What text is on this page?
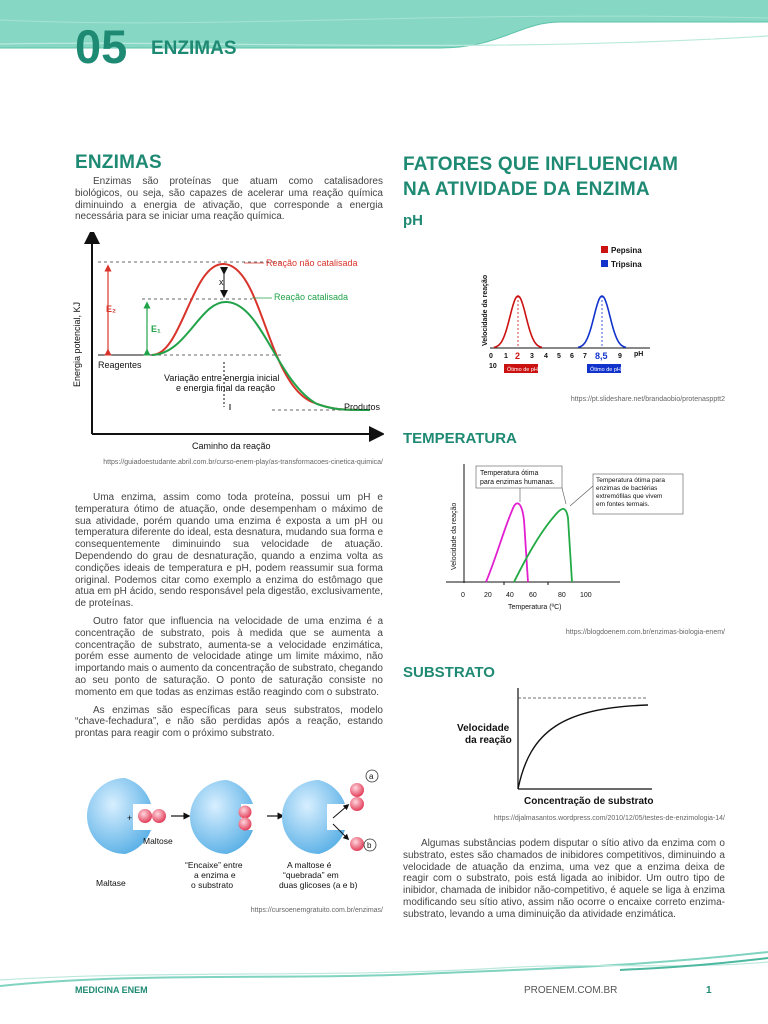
05 ENZIMAS
BIOLOGIA I
ENZIMAS

Enzimas são proteínas que atuam como catalisadores biológicos, ou seja, são capazes de acelerar uma reação química diminuindo a energia de ativação, que corresponde a energia necessária para se iniciar uma reação química.

E₂
E₁
x
Energia potencial, KJ Reagentes
Reação não catalisada
Reação catalisada
Variação entre energia inicial
e energia final da reação
Produtos
Caminho da reação
https://guiadoestudante.abril.com.br/curso-enem-play/as-transformacoes-cinetica-quimica/

Uma enzima, assim como toda proteína, possui um pH e temperatura ótimo de atuação, onde desempenham o máximo de sua atividade, porém quando uma enzima é exposta a um pH ou temperatura diferente do ideal, esta desnatura, mudando sua forma e consequentemente diminuindo sua velocidade de atuação. Dependendo do grau de desnaturação, quando a enzima volta as condições ideais de temperatura e pH, podem reassumir sua forma original. Podemos citar como exemplo a enzima do estômago que atua em pH ácido, sendo responsável pela digestão, exclusivamente, de proteínas.

Outro fator que influencia na velocidade de uma enzima é a concentração de substrato, pois à medida que se aumenta a concentração de substrato, aumenta-se a velocidade enzimática, porém esse aumento de velocidade atinge um limite máximo, não importando mais o aumento da concentração de substrato, chegando ao seu ponto de saturação. O ponto de saturação consiste no momento em que todas as enzimas estão reagindo com o substrato.

As enzimas são específicas para seus substratos, modelo “chave-fechadura”, e não são perdidas após a reação, estando prontas para reagir com o próximo substrato.

+
Maltose
Maltase
“Encaixe” entre
a enzima e
o substrato
a
b
A maltose é
“quebrada” em
duas glicoses (a e b)
https://cursoenemgratuito.com.br/enzimas/
FATORES QUE INFLUENCIAM NA ATIVIDADE DA ENZIMA
pH
Pepsina
Tripsina
Velocidade da reação
0 1 2 3 4 5 6 7 8,5 9
10
pH
Ótimo de pH	Ótimo de pH
https://pt.slideshare.net/brandaobio/protenaspptt2
TEMPERATURA
Velocidade da reação
Temperatura ótima
para enzimas humanas.	Temperatura ótima para
enzimas de bactérias
extremófilas que vivem
em fontes termais.
0	20 40 60	80 100
Temperatura (ºC)
https://blogdoenem.com.br/enzimas-biologia-enem/
SUBSTRATO
Velocidade
da reação
Concentração de substrato
https://djalmasantos.wordpress.com/2010/12/05/testes-de-enzimologia-14/

Algumas substâncias podem disputar o sítio ativo da enzima com o substrato, estes são chamados de inibidores competitivos, diminuindo a velocidade de atuação da enzima, uma vez que a enzima deixa de reagir com o substrato, pois está ligada ao inibidor. Um outro tipo de inibidor, chamada de inibidor não-competitivo, é aquele se liga à enzima modificando seu sítio ativo, assim não ocorre o encaixe correto enzima-substrato, levando a uma diminuição da atividade enzimática.

MEDICINA ENEM	PROENEM.COM.BR	1
